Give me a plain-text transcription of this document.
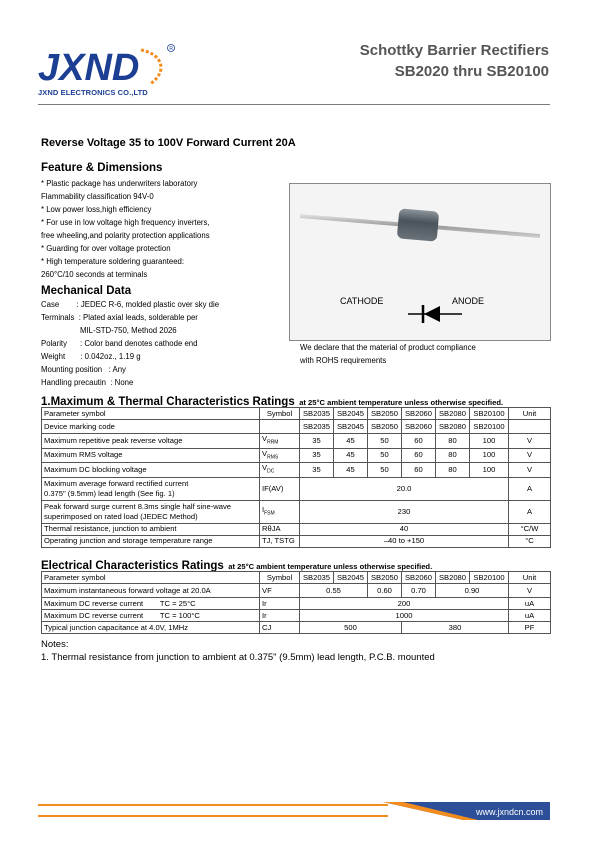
JXND	R
JXND ELECTRONICS CO.,LTD
Schottky Barrier Rectifiers
SB2020 thru SB20100
Reverse Voltage 35 to 100V Forward Current 20A
Feature & Dimensions
* Plastic package has underwriters laboratory
Flammability classification 94V-0
* Low power loss,high efficiency
* For use in low voltage high frequency inverters,
free wheeling,and polarity protection applications
* Guarding for over voltage protection
* High temperature soldering guaranteed:
260°C/10 seconds at terminals
Mechanical Data
Case        : JEDEC R-6, molded plastic over sky die
Terminals  : Plated axial leads, solderable per
MIL-STD-750, Method 2026
Polarity      : Color band denotes cathode end
Weight       : 0.042oz., 1.19 g
Mounting position   : Any
Handling precautin  : None
CATHODE	ANODE
We declare that the material of product compliance
with ROHS requirements
1.Maximum & Thermal Characteristics Ratings at 25°C ambient temperature unless otherwise specified.
Parameter symbol	Symbol	SB2035	SB2045	SB2050	SB2060	SB2080	SB20100	Unit
Device marking code		SB2035	SB2045	SB2050	SB2060	SB2080	SB20100	
Maximum repetitive peak reverse voltage	$V_{RRM}$	35	45	50	60	80	100	V
Maximum RMS voltage	$V_{RMS}$	35	45	50	60	80	100	V
Maximum DC blocking voltage	$V_{DC}$	35	45	50	60	80	100	V

Maximum average forward rectified current
0.375" (9.5mm) lead length (See fig. 1)	IF(AV)	20.0						A

Peak forward surge current 8.3ms single half sine-wave
superimposed on rated load (JEDEC Method)	$I_{FSM}$	230						A
Thermal resistance, junction to ambient	RθJA	40						°C/W
Operating junction and storage temperature range	TJ, TSTG	–40 to +150						°C
Electrical Characteristics Ratings at 25°C ambient temperature unless otherwise specified.
Parameter symbol	Symbol	SB2035	SB2045	SB2050	SB2060	SB2080	SB20100	Unit
Maximum instantaneous forward voltage at 20.0A	VF	0.55		0.60	0.70	0.90		V
Maximum DC reverse current        TC = 25°C	Ir	200						uA
Maximum DC reverse current        TC = 100°C	Ir	1000						uA
Typical junction capacitance at 4.0V, 1MHz	CJ	500			380			PF
Notes:
1. Thermal resistance from junction to ambient at 0.375" (9.5mm) lead length, P.C.B. mounted
www.jxndcn.com
